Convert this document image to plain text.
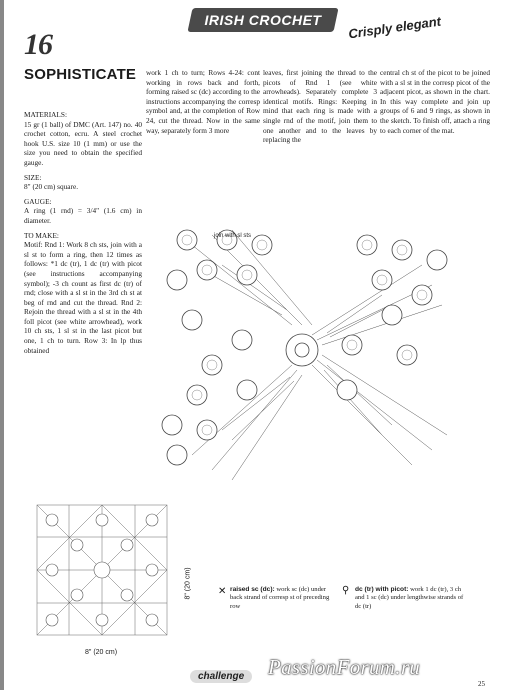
IRISH CROCHET	Crisply elegant
16
SOPHISTICATE

MATERIALS:
15 gr (1 ball) of DMC (Art. 147) no. 40 crochet cotton, ecru. A steel crochet hook U.S. size 10 (1 mm) or use the size you need to obtain the specified gauge.

SIZE:
8" (20 cm) square.

GAUGE:
A ring (1 rnd) = 3/4" (1.6 cm) in diameter.

TO MAKE:
Motif: Rnd 1: Work 8 ch sts, join with a sl st to form a ring, then 12 times as follows: *1 dc (tr), 1 dc (tr) with picot (see instructions accompanying symbol); -3 ch count as first dc (tr) of rnd; close with a sl st in the 3rd ch st at beg of rnd and cut the thread. Rnd 2: Rejoin the thread with a sl st in the 4th foll picot (see white arrowhead), work 10 ch sts, 1 sl st in the last picot but one, 1 ch to turn. Row 3: In lp thus obtained

work 1 ch to turn; Rows 4-24: cont working in rows back and forth, forming raised sc (dc) according to the instructions accompanying the corresp symbol and, at the completion of Row 24, cut the thread. Now in the same way, separately form 3 more

leaves, first joining the thread to the picots of Rnd 1 (see white arrowheads). Separately complete 3 identical motifs. Rings: Keeping in mind that each ring is made with a single rnd of the motif, join them to one another and to the leaves by replacing the

central ch st of the picot to be joined with a sl st in the corresp picot of the adjacent picot, as shown in the chart. In this way complete and join up groups of 6 and 9 rings, as shown in the sketch. To finish off, attach a ring to each corner of the mat.

join with sl sts
8" (20 cm)
8" (20 cm)	✕ raised sc (dc): work sc (dc) under back strand of corresp st of preceding row
⚲ dc (tr) with picot: work 1 dc (tr), 3 ch and 1 sc (dc) under lengthwise strands of dc (tr)
challenge	PassionForum.ru
25
